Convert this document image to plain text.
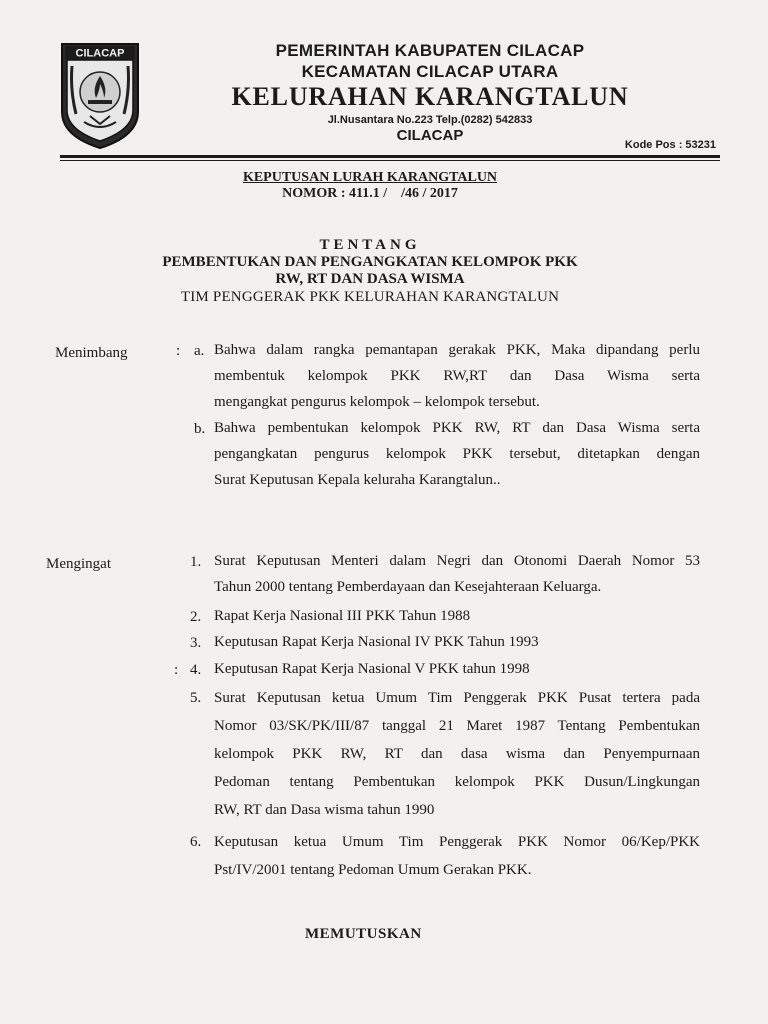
CILACAP	PEMERINTAH KABUPATEN CILACAP
KECAMATAN CILACAP UTARA
KELURAHAN KARANGTALUN
Jl.Nusantara No.223 Telp.(0282) 542833
CILACAP
Kode Pos : 53231
KEPUTUSAN LURAH KARANGTALUN
NOMOR : 411.1 /    /46 / 2017
TENTANG
PEMBENTUKAN DAN PENGANGKATAN KELOMPOK PKK
RW, RT DAN DASA WISMA
TIM PENGGERAK PKK KELURAHAN KARANGTALUN
Menimbang	: a. Bahwa dalam rangka pemantapan gerakak PKK, Maka dipandang perlu
membentuk kelompok PKK RW,RT dan Dasa Wisma serta
mengangkat pengurus kelompok – kelompok tersebut.
b. Bahwa pembentukan kelompok PKK RW, RT dan Dasa Wisma serta
pengangkatan pengurus kelompok PKK tersebut, ditetapkan dengan
Surat Keputusan Kepala keluraha Karangtalun..
Mengingat	1. Surat Keputusan Menteri dalam Negri dan Otonomi Daerah Nomor 53
Tahun 2000 tentang Pemberdayaan dan Kesejahteraan Keluarga.
2. Rapat Kerja Nasional III PKK Tahun 1988
3. Keputusan Rapat Kerja Nasional IV PKK Tahun 1993
: 4. Keputusan Rapat Kerja Nasional V PKK tahun 1998
5. Surat Keputusan ketua Umum Tim Penggerak PKK Pusat tertera pada
Nomor 03/SK/PK/III/87 tanggal 21 Maret 1987 Tentang Pembentukan
kelompok PKK RW, RT dan dasa wisma dan Penyempurnaan
Pedoman tentang Pembentukan kelompok PKK Dusun/Lingkungan
RW, RT dan Dasa wisma tahun 1990
6. Keputusan ketua Umum Tim Penggerak PKK Nomor 06/Kep/PKK
Pst/IV/2001 tentang Pedoman Umum Gerakan PKK.
MEMUTUSKAN
